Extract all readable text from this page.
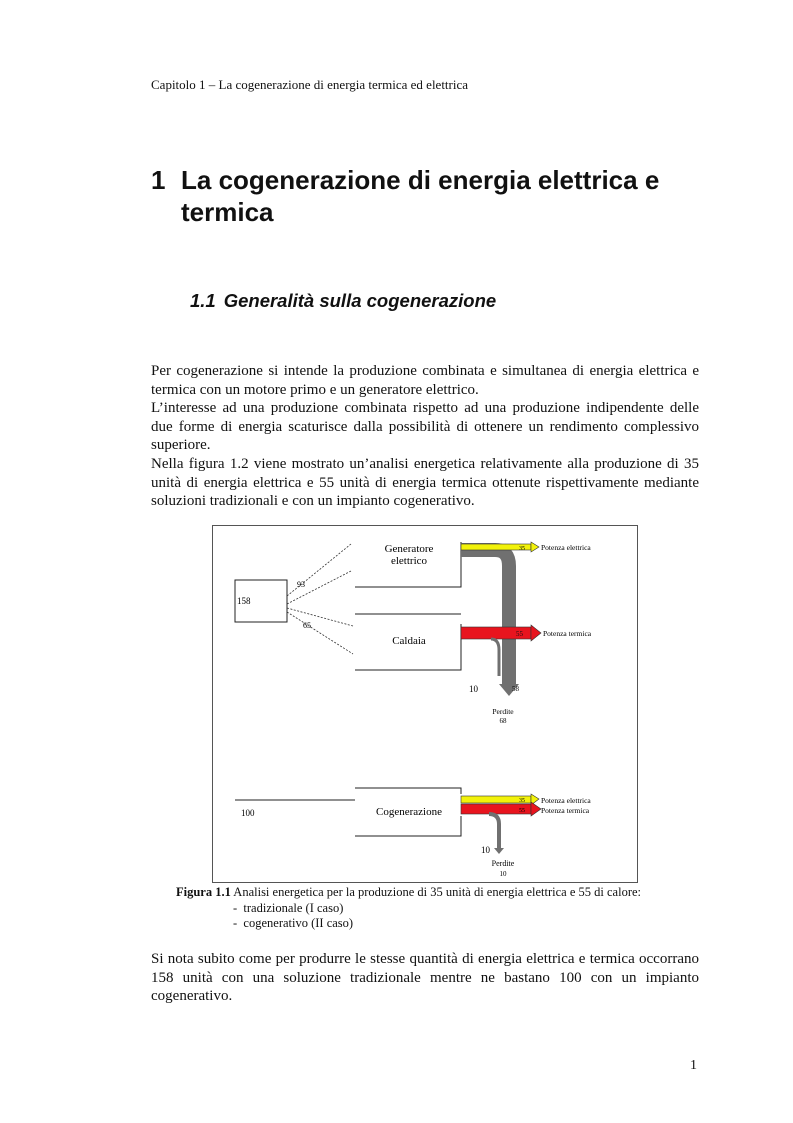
Capitolo 1 – La cogenerazione di energia termica ed elettrica
1 La cogenerazione di energia elettrica e termica
1.1 Generalità sulla cogenerazione

Per cogenerazione si intende la produzione combinata e simultanea di energia elettrica e termica con un motore primo e un generatore elettrico.

L’interesse ad una produzione combinata rispetto ad una produzione indipendente delle due forme di energia scaturisce dalla possibilità di ottenere un rendimento complessivo superiore.

Nella figura 1.2 viene mostrato un’analisi energetica relativamente alla produzione di 35 unità di energia elettrica e 55 unità di energia termica ottenute rispettivamente mediante soluzioni tradizionali e con un impianto cogenerativo.

158
93
65
Generatore
elettrico
Caldaia
35 Potenza elettrica
55	Potenza termica
10	58
Perdite
68
100	Cogenerazione
35 Potenza elettrica
55 Potenza termica
10
Perdite
10
Figura 1.1 Analisi energetica per la produzione di 35 unità di energia elettrica e 55 di calore:
-  tradizionale (I caso)
-  cogenerativo (II caso)

Si nota subito come per produrre le stesse quantità di energia elettrica e termica occorrano 158 unità con una soluzione tradizionale mentre ne bastano 100 con un impianto cogenerativo.

1
